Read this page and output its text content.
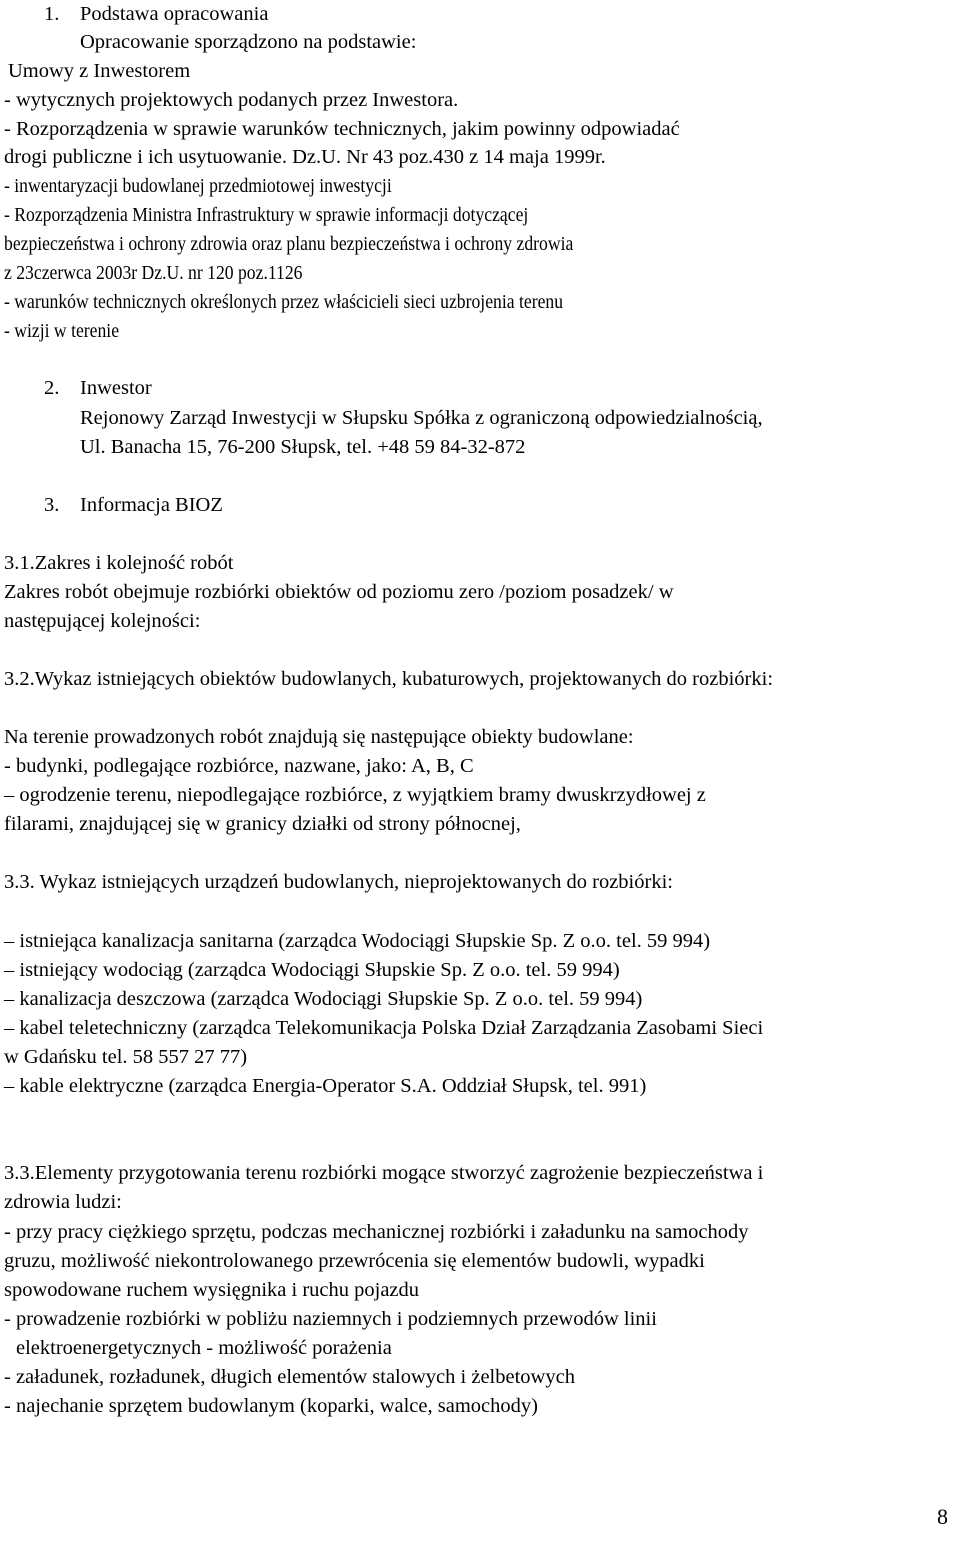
1. Podstawa opracowania
Opracowanie sporządzono na podstawie:
Umowy z Inwestorem
- wytycznych projektowych podanych przez Inwestora.
- Rozporządzenia w sprawie warunków technicznych, jakim powinny odpowiadać
drogi publiczne i ich usytuowanie. Dz.U. Nr 43 poz.430 z 14 maja 1999r.
- inwentaryzacji budowlanej przedmiotowej inwestycji
- Rozporządzenia Ministra Infrastruktury w sprawie informacji dotyczącej
bezpieczeństwa i ochrony zdrowia oraz planu bezpieczeństwa i ochrony zdrowia
z 23czerwca 2003r Dz.U. nr 120 poz.1126
- warunków technicznych określonych przez właścicieli sieci uzbrojenia terenu
- wizji w terenie
2. Inwestor
Rejonowy Zarząd Inwestycji w Słupsku Spółka z ograniczoną odpowiedzialnością,
Ul. Banacha 15, 76-200 Słupsk, tel. +48 59 84-32-872
3. Informacja BIOZ
3.1.Zakres i kolejność robót
Zakres robót obejmuje rozbiórki obiektów od poziomu zero /poziom posadzek/ w
następującej kolejności:
3.2.Wykaz istniejących obiektów budowlanych, kubaturowych, projektowanych do rozbiórki:
Na terenie prowadzonych robót znajdują się następujące obiekty budowlane:
- budynki, podlegające rozbiórce, nazwane, jako: A, B, C
– ogrodzenie terenu, niepodlegające rozbiórce, z wyjątkiem bramy dwuskrzydłowej z
filarami, znajdującej się w granicy działki od strony północnej,
3.3. Wykaz istniejących urządzeń budowlanych, nieprojektowanych do rozbiórki:
– istniejąca kanalizacja sanitarna (zarządca Wodociągi Słupskie Sp. Z o.o. tel. 59 994)
– istniejący wodociąg (zarządca Wodociągi Słupskie Sp. Z o.o. tel. 59 994)
– kanalizacja deszczowa (zarządca Wodociągi Słupskie Sp. Z o.o. tel. 59 994)
– kabel teletechniczny (zarządca Telekomunikacja Polska Dział Zarządzania Zasobami Sieci
w Gdańsku tel. 58 557 27 77)
– kable elektryczne (zarządca Energia-Operator S.A. Oddział Słupsk, tel. 991)
3.3.Elementy przygotowania terenu rozbiórki mogące stworzyć zagrożenie bezpieczeństwa i
zdrowia ludzi:
- przy pracy ciężkiego sprzętu, podczas mechanicznej rozbiórki i załadunku na samochody
gruzu, możliwość niekontrolowanego przewrócenia się elementów budowli, wypadki
spowodowane ruchem wysięgnika i ruchu pojazdu
- prowadzenie rozbiórki w pobliżu naziemnych i podziemnych przewodów linii
elektroenergetycznych - możliwość porażenia
- załadunek, rozładunek, długich elementów stalowych i żelbetowych
- najechanie sprzętem budowlanym (koparki, walce, samochody)
8
